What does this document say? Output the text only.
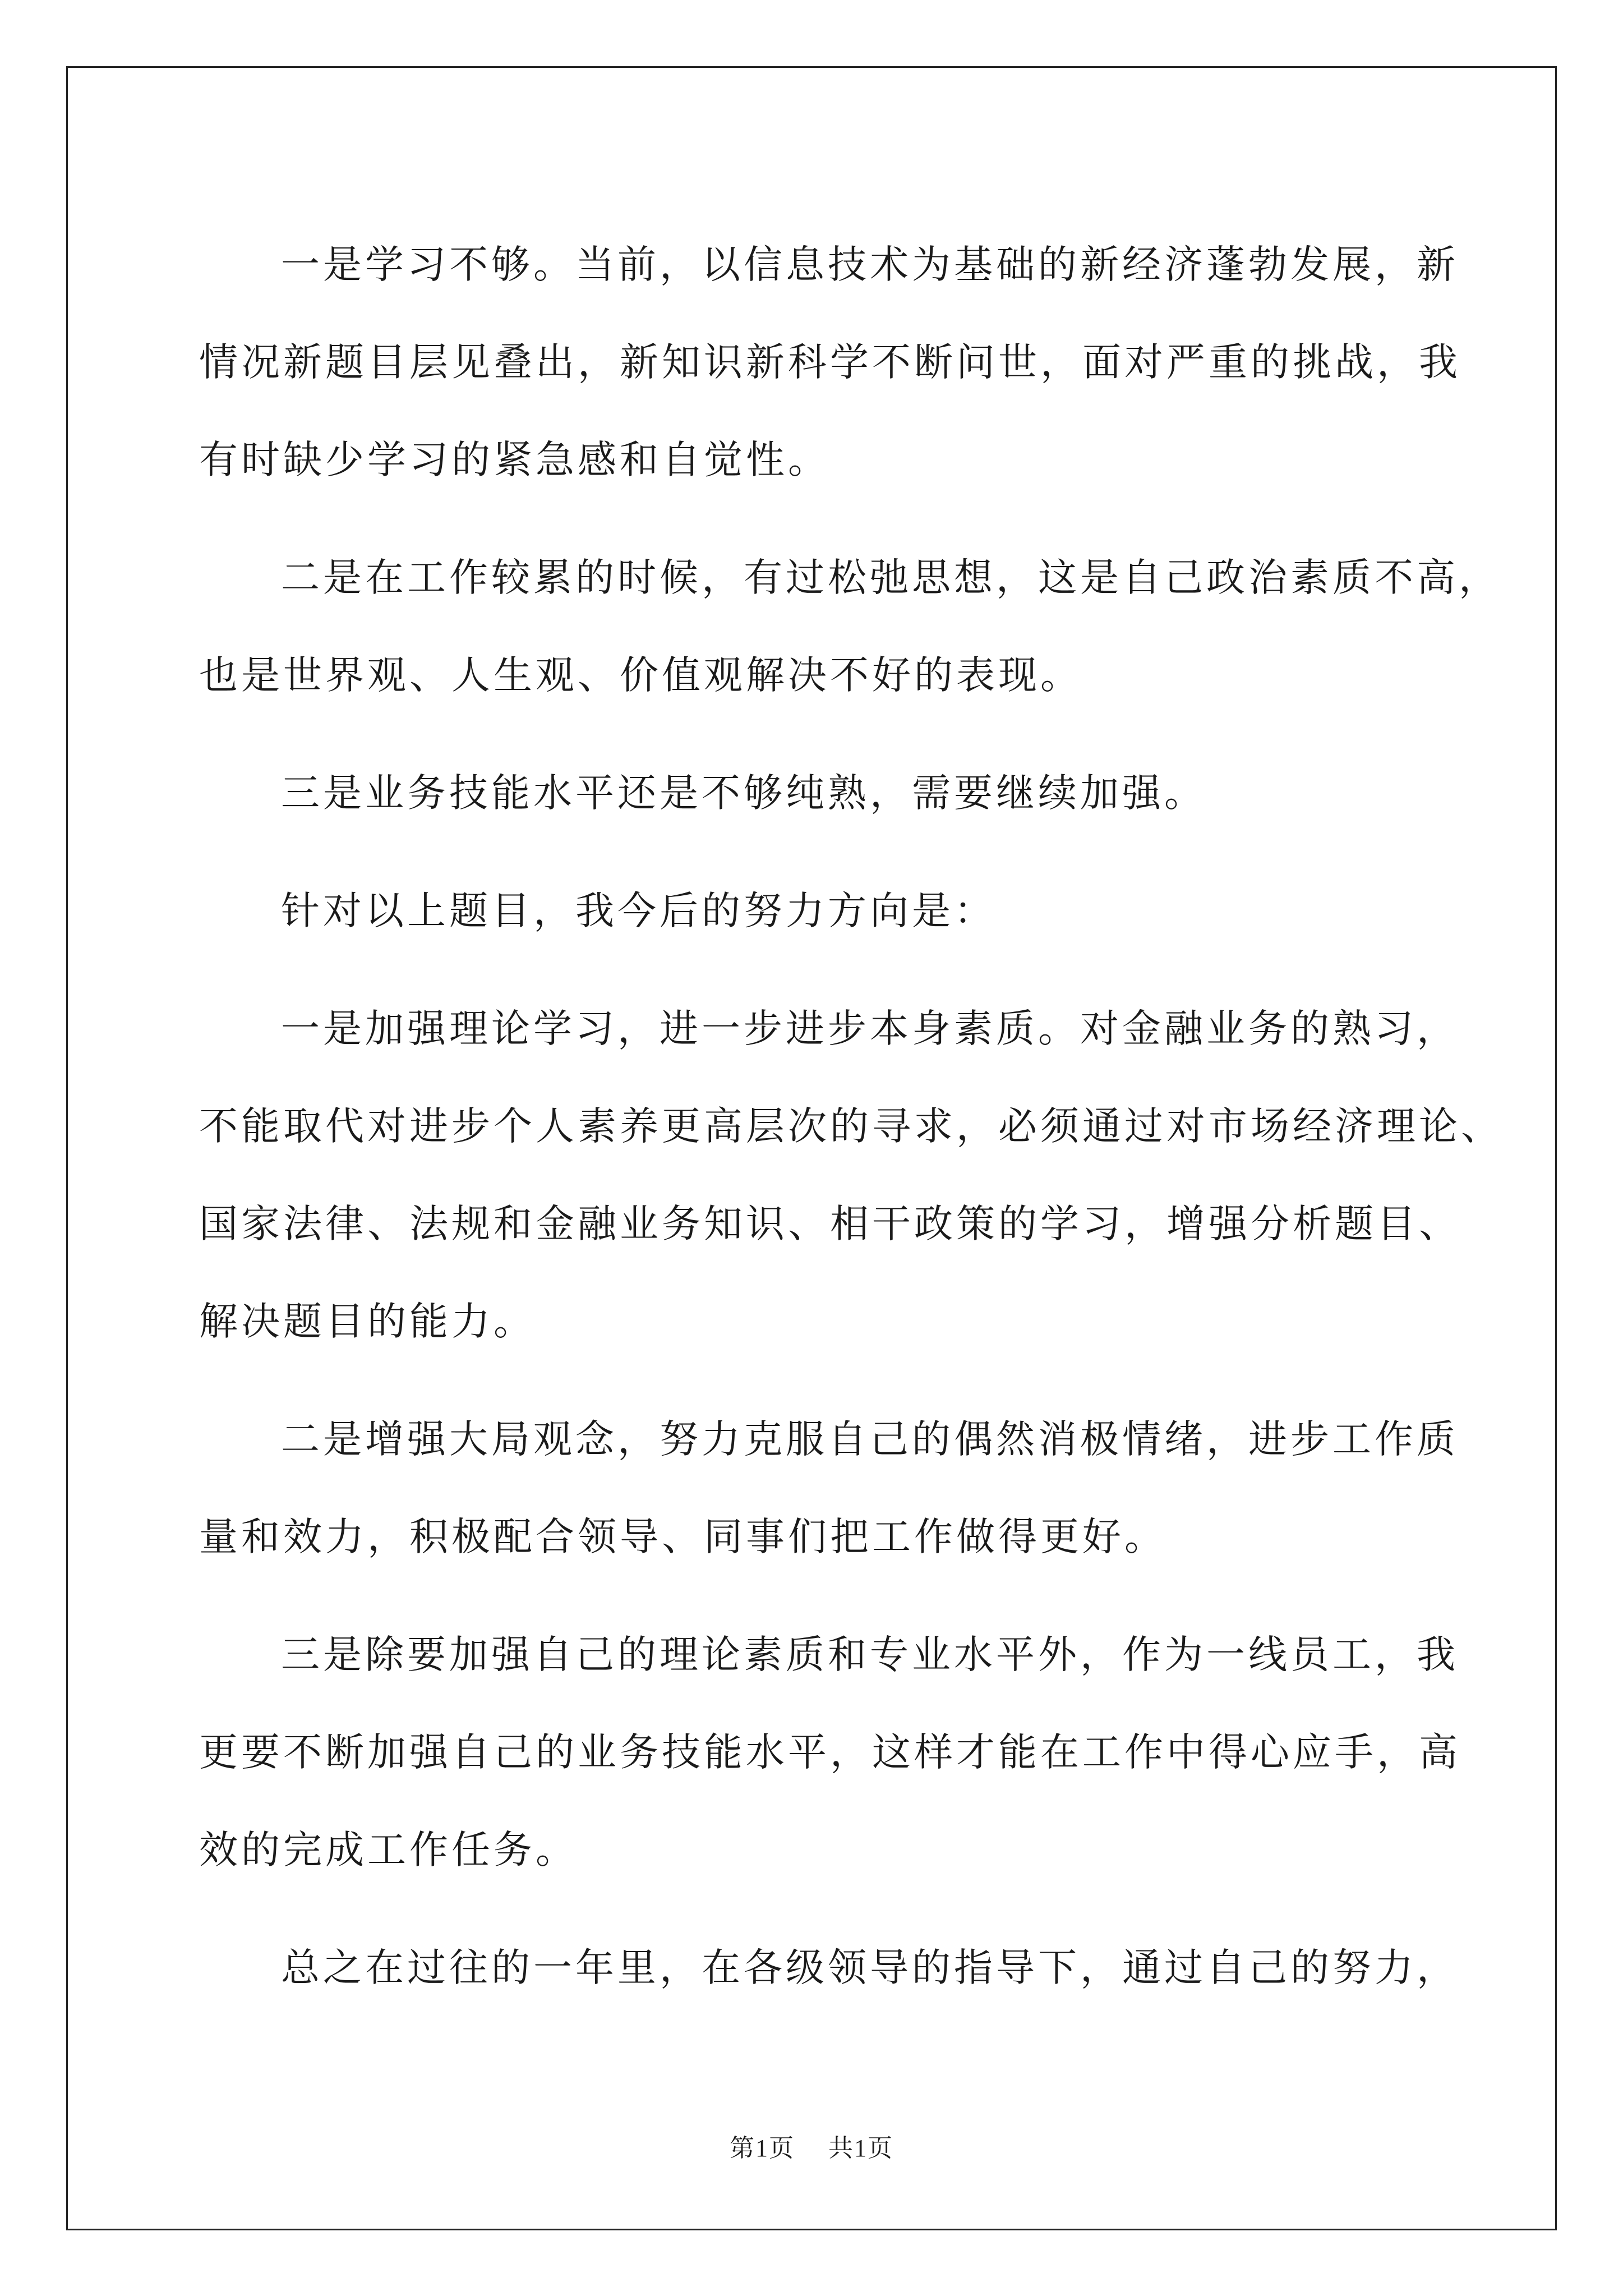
一是学习不够。当前，以信息技术为基础的新经济蓬勃发展，新
情况新题目层见叠出，新知识新科学不断问世，面对严重的挑战，我
有时缺少学习的紧急感和自觉性。

二是在工作较累的时候，有过松弛思想，这是自己政治素质不高，
也是世界观、人生观、价值观解决不好的表现。

三是业务技能水平还是不够纯熟，需要继续加强。

针对以上题目，我今后的努力方向是：

一是加强理论学习，进一步进步本身素质。对金融业务的熟习，
不能取代对进步个人素养更高层次的寻求，必须通过对市场经济理论、
国家法律、法规和金融业务知识、相干政策的学习，增强分析题目、
解决题目的能力。

二是增强大局观念，努力克服自己的偶然消极情绪，进步工作质
量和效力，积极配合领导、同事们把工作做得更好。

三是除要加强自己的理论素质和专业水平外，作为一线员工，我
更要不断加强自己的业务技能水平，这样才能在工作中得心应手，高
效的完成工作任务。

总之在过往的一年里，在各级领导的指导下，通过自己的努力，

第1页 共1页
